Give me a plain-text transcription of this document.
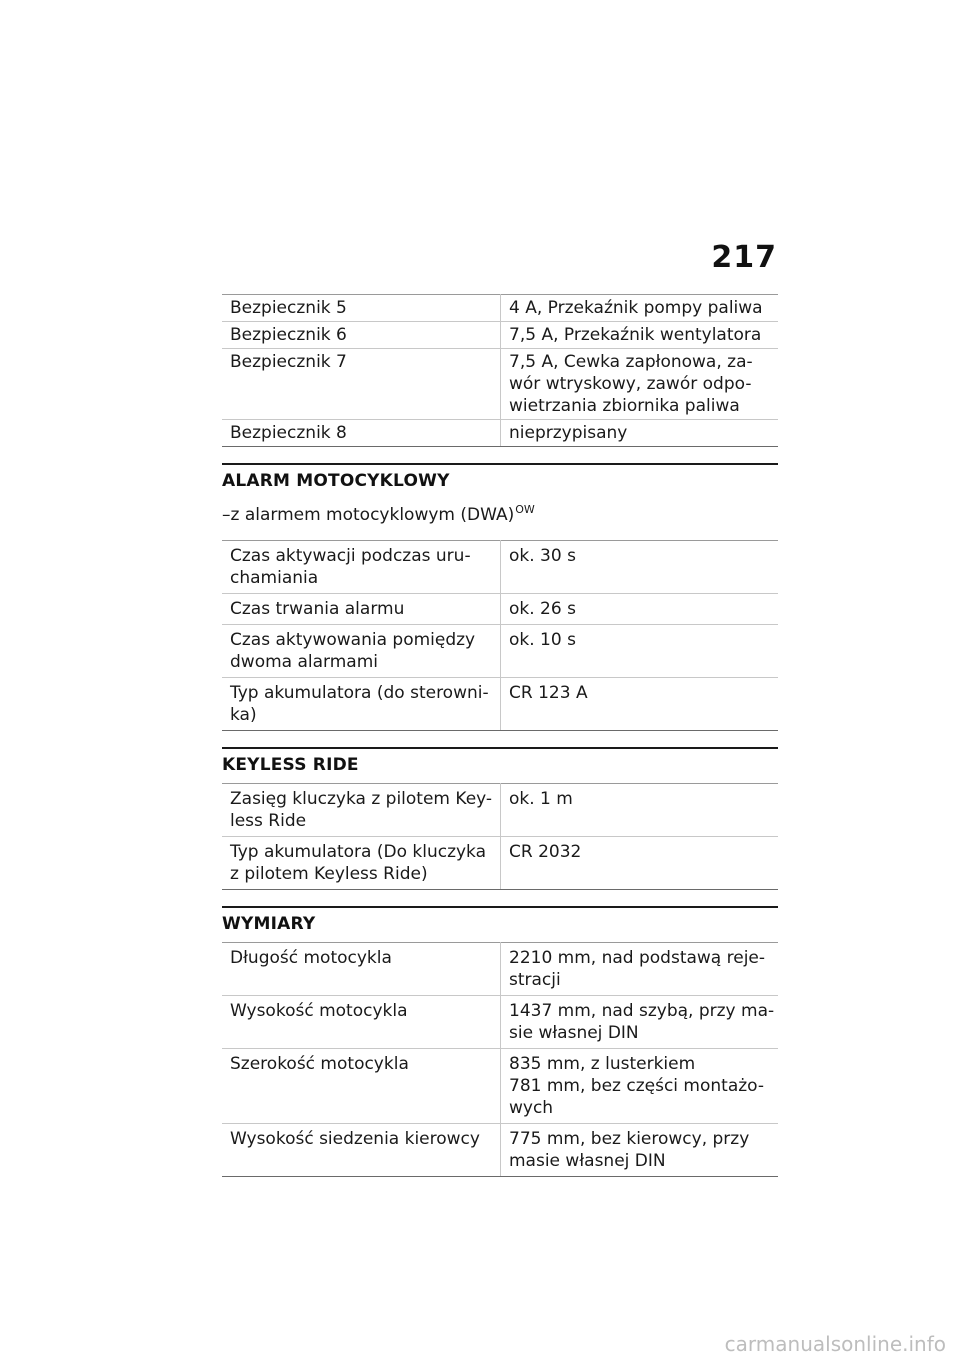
217
Bezpiecznik 5	4 A, Przekaźnik pompy paliwa

Bezpiecznik 6	7,5 A, Przekaźnik wentylatora

Bezpiecznik 7	7,5 A, Cewka zapłonowa, za-
wór wtryskowy, zawór odpo-
wietrzania zbiornika paliwa

Bezpiecznik 8	nieprzypisany
ALARM MOTOCYKLOWY
–z alarmem motocyklowym (DWA)$^{OW}$
Czas aktywacji podczas uru-
chamiania	ok. 30 s

Czas trwania alarmu	ok. 26 s

Czas aktywowania pomiędzy
dwoma alarmami	ok. 10 s

Typ akumulatora (do sterowni-
ka)	CR 123 A
KEYLESS RIDE
Zasięg kluczyka z pilotem Key-
less Ride	ok. 1 m

Typ akumulatora (Do kluczyka
z pilotem Keyless Ride)	CR 2032
WYMIARY
Długość motocykla	2210 mm, nad podstawą reje-
stracji

Wysokość motocykla	1437 mm, nad szybą, przy ma-
sie własnej DIN

Szerokość motocykla	835 mm, z lusterkiem
781 mm, bez części montażo-
wych

Wysokość siedzenia kierowcy	775 mm, bez kierowcy, przy
masie własnej DIN
carmanualsonline.info
